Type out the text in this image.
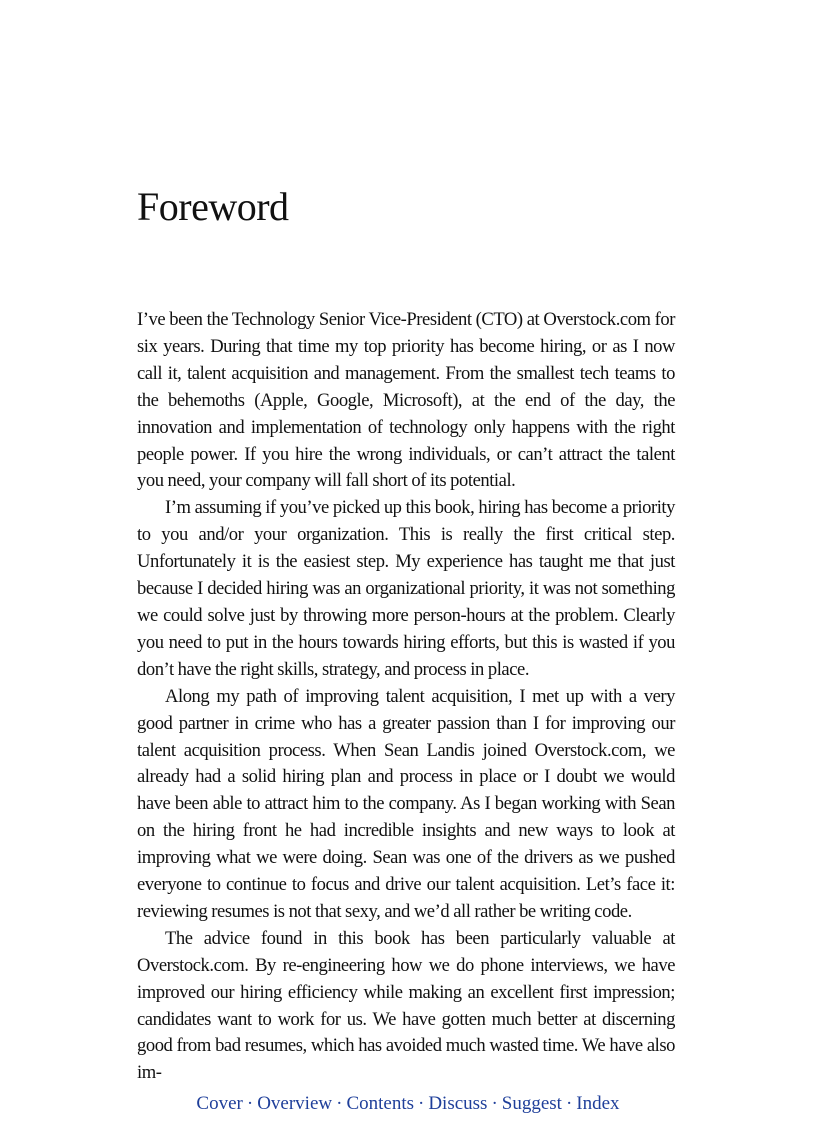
Foreword

I’ve been the Technology Senior Vice-President (CTO) at Overstock.com for six years. During that time my top priority has become hiring, or as I now call it, talent acquisition and management. From the smallest tech teams to the behemoths (Apple, Google, Microsoft), at the end of the day, the innovation and implementation of technology only happens with the right people power. If you hire the wrong individuals, or can’t attract the talent you need, your company will fall short of its potential.

I’m assuming if you’ve picked up this book, hiring has become a priority to you and/or your organization. This is really the first critical step. Unfortunately it is the easiest step. My experience has taught me that just because I decided hiring was an organizational priority, it was not something we could solve just by throwing more person-hours at the problem. Clearly you need to put in the hours towards hiring efforts, but this is wasted if you don’t have the right skills, strategy, and process in place.

Along my path of improving talent acquisition, I met up with a very good partner in crime who has a greater passion than I for improving our talent acquisition process. When Sean Landis joined Overstock.com, we already had a solid hiring plan and process in place or I doubt we would have been able to attract him to the company. As I began working with Sean on the hiring front he had incredible insights and new ways to look at improving what we were doing. Sean was one of the drivers as we pushed everyone to continue to focus and drive our talent acquisition. Let’s face it: reviewing resumes is not that sexy, and we’d all rather be writing code.

The advice found in this book has been particularly valuable at Overstock.com. By re-engineering how we do phone interviews, we have improved our hiring efficiency while making an excellent first impression; candidates want to work for us. We have gotten much better at discerning good from bad resumes, which has avoided much wasted time. We have also im-

Cover · Overview · Contents · Discuss · Suggest · Index
